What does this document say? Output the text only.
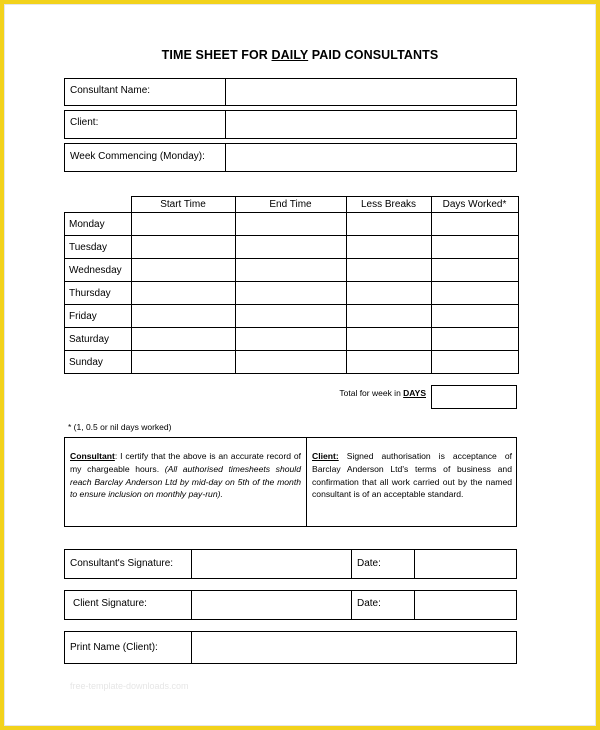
TIME SHEET FOR DAILY PAID CONSULTANTS
Consultant Name:
Client:
Week Commencing (Monday):
	Start Time	End Time	Less Breaks	Days Worked*
Monday				
Tuesday				
Wednesday				
Thursday				
Friday				
Saturday				
Sunday				
Total for week in DAYS
* (1, 0.5 or nil days worked)
Consultant: I certify that the above is an accurate record of my chargeable hours. (All authorised timesheets should reach Barclay Anderson Ltd by mid-day on 5th of the month to ensure inclusion on monthly pay-run).
Client: Signed authorisation is acceptance of Barclay Anderson Ltd's terms of business and confirmation that all work carried out by the named consultant is of an acceptable standard.
Consultant's Signature:	Date:
Client Signature:	Date:
Print Name (Client):
free-template-downloads.com
